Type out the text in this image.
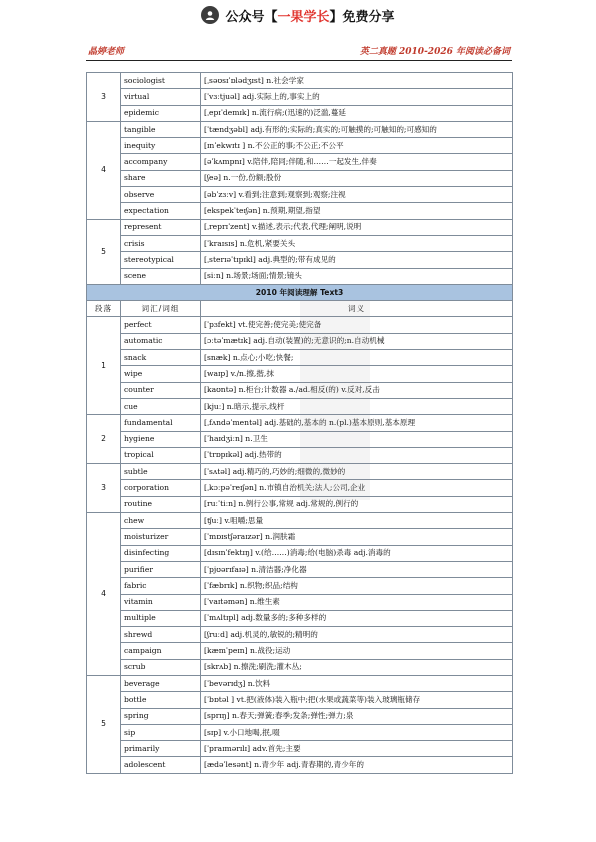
公众号【一果学长】免费分享
晶婷老师	英二真题 2010-2026 年阅读必备词
3	sociologist	[ˌsəʊsɪˈɒlədʒɪst] n.社会学家
	virtual	[ˈvɜːtjuəl] adj.实际上的,事实上的
	epidemic	[ˌepɪˈdemɪk] n.流行病;(迅速的)泛滥,蔓延
4	tangible	[ˈtændʒəbl] adj.有形的;实际的;真实的;可触摸的;可触知的;可感知的
	inequity	[ɪnˈekwɪtɪ ] n.不公正的事;不公正;不公平
	accompany	[əˈkʌmpnɪ] v.陪伴,陪同;伴随,和……一起发生,伴奏
	share	[ʃeə] n.一份,份额;股份
	observe	[əbˈzɜːv] v.看到;注意到;观察到;观察;注视
	expectation	[ekspekˈteɪʃən] n.预期,期望,指望
5	represent	[ˌreprɪˈzent] v.描述,表示;代表,代理;阐明,说明
	crisis	[ˈkraɪsɪs] n.危机,紧要关头
	stereotypical	[ˌsterɪəˈtɪpɪkl] adj.典型的;带有成见的
	scene	[siːn] n.场景;场面;情景;镜头
2010 年阅读理解 Text3		
段落	词汇/词组	词义
1	perfect	[ˈpɜfekt] vt.使完善;使完美;使完备
	automatic	[ɔːtəˈmætɪk] adj.自动(装置)的;无意识的;n.自动机械
	snack	[snæk] n.点心;小吃;快餐;
	wipe	[waɪp] v./n.擦,揩,抹
	counter	[kaʊntə] n.柜台;计数器 a./ad.相反(的) v.反对,反击
	cue	[kjuː] n.暗示,提示,线杆
2	fundamental	[ˌfʌndəˈmentəl] adj.基础的,基本的 n.(pl.)基本原则,基本原理
	hygiene	[ˈhaɪdʒiːn] n.卫生
	tropical	[ˈtrɒpɪkəl] adj.热带的
3	subtle	[ˈsʌtəl] adj.精巧的,巧妙的;细微的,微妙的
	corporation	[ˌkɔːpəˈreɪʃən] n.市镇自治机关;法人;公司,企业
	routine	[ruːˈtiːn] n.例行公事,常规 adj.常规的,例行的
4	chew	[ʧuː] v.咀嚼;思量
	moisturizer	[ˈmɒɪstʃəraɪzər] n.润肤霜
	disinfecting	[dɪsɪnˈfektɪŋ] v.(给……)消毒;给(电脑)杀毒 adj.消毒的
	purifier	[ˈpjʊərɪfaɪə] n.清洁器;净化器
	fabric	[ˈfæbrɪk] n.织物;织品;结构
	vitamin	[ˈvaɪtəmən] n.维生素
	multiple	[ˈmʌltɪpl] adj.数量多的;多种多样的
	shrewd	[ʃruːd] adj.机灵的,敏锐的;精明的
	campaign	[kæmˈpeɪn] n.战役;运动
	scrub	[skrʌb] n.擦洗;刷洗;灌木丛;
5	beverage	[ˈbevərɪdʒ] n.饮料
	bottle	[ˈbɒtəl ] vt.把(液体)装入瓶中;把(水果或蔬菜等)装入玻璃瓶储存
	spring	[sprɪŋ] n.春天;弹簧;春季;发条;弹性;弹力;泉
	sip	[sɪp] v.小口地喝,抿,啜
	primarily	[ˈpraɪmərɪlɪ] adv.首先;主要
	adolescent	[ædəˈlesənt] n.青少年 adj.青春期的,青少年的
